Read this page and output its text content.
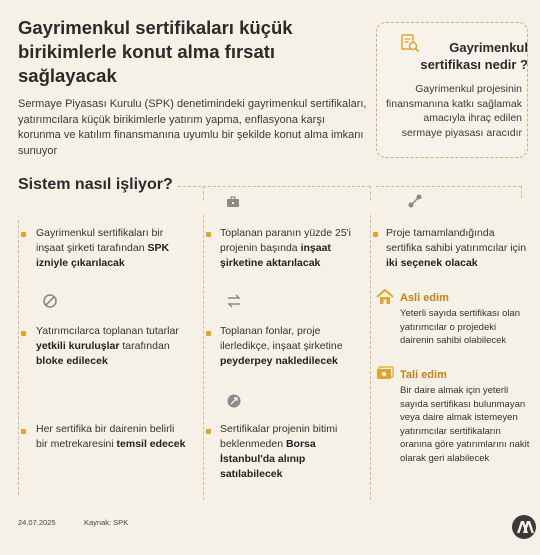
Gayrimenkul sertifikaları küçük birikimlerle konut alma fırsatı sağlayacak
Sermaye Piyasası Kurulu (SPK) denetimindeki gayrimenkul sertifikaları, yatırımcılara küçük birikimlerle yatırım yapma, enflasyona karşı korunma ve katılım finansmanına uyumlu bir şekilde konut alma imkanı sunuyor
Gayrimenkul sertifikası nedir ?
Gayrimenkul projesinin finansmanına katkı sağlamak amacıyla ihraç edilen sermaye piyasası aracıdır
Sistem nasıl işliyor?
Gayrimenkul sertifikaları bir inşaat şirketi tarafından SPK izniyle çıkarılacak
Yatırımcılarca toplanan tutarlar yetkili kuruluşlar tarafından bloke edilecek
Her sertifika bir dairenin belirli bir metrekaresini temsil edecek
Toplanan paranın yüzde 25'i projenin başında inşaat şirketine aktarılacak
Toplanan fonlar, proje ilerledikçe, inşaat şirketine peyderpey nakledilecek
Sertifikalar projenin bitimi beklenmeden Borsa İstanbul'da alınıp satılabilecek
Proje tamamlandığında sertifika sahibi yatırımcılar için iki seçenek olacak
Asli edim
Yeterli sayıda sertifikası olan yatırımcılar o projedeki dairenin sahibi olabilecek
Tali edim
Bir daire almak için yeterli sayıda sertifikası bulunmayan veya daire almak istemeyen yatırımcılar sertifikaların oranına göre yatırımlarını nakit olarak geri alabilecek
24.07.2025	Kaynak: SPK
